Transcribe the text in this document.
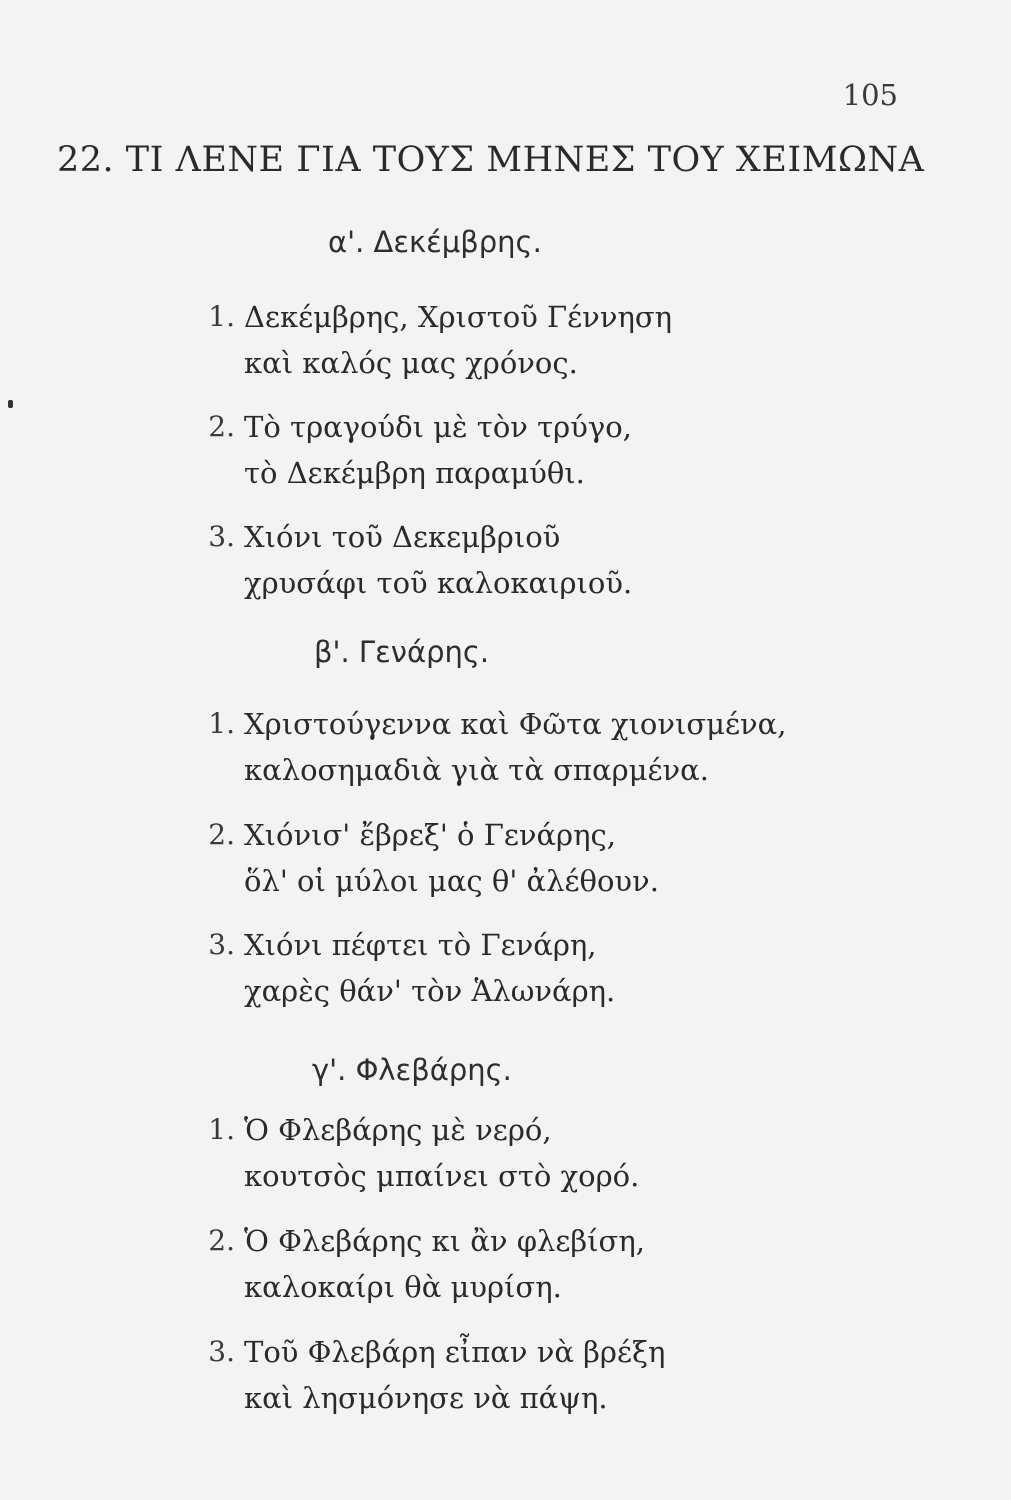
105
22. ΤΙ ΛΕΝΕ ΓΙΑ ΤΟΥΣ ΜΗΝΕΣ ΤΟΥ ΧΕΙΜΩΝΑ
α'. Δεκέμβρης.
1. Δεκέμβρης, Χριστοῦ Γέννηση
καὶ καλός μας χρόνος.
2. Τὸ τραγούδι μὲ τὸν τρύγο,
τὸ Δεκέμβρη παραμύθι.
3. Χιόνι τοῦ Δεκεμβριοῦ
χρυσάφι τοῦ καλοκαιριοῦ.
β'. Γενάρης.
1. Χριστούγεννα καὶ Φῶτα χιονισμένα,
καλοσημαδιὰ γιὰ τὰ σπαρμένα.
2. Χιόνισ' ἔβρεξ' ὁ Γενάρης,
ὅλ' οἱ μύλοι μας θ' ἀλέθουν.
3. Χιόνι πέφτει τὸ Γενάρη,
χαρὲς θάν' τὸν Ἁλωνάρη.
γ'. Φλεβάρης.
1. Ὁ Φλεβάρης μὲ νερό,
κουτσὸς μπαίνει στὸ χορό.
2. Ὁ Φλεβάρης κι ἂν φλεβίση,
καλοκαίρι θὰ μυρίση.
3. Τοῦ Φλεβάρη εἶπαν νὰ βρέξη
καὶ λησμόνησε νὰ πάψη.
